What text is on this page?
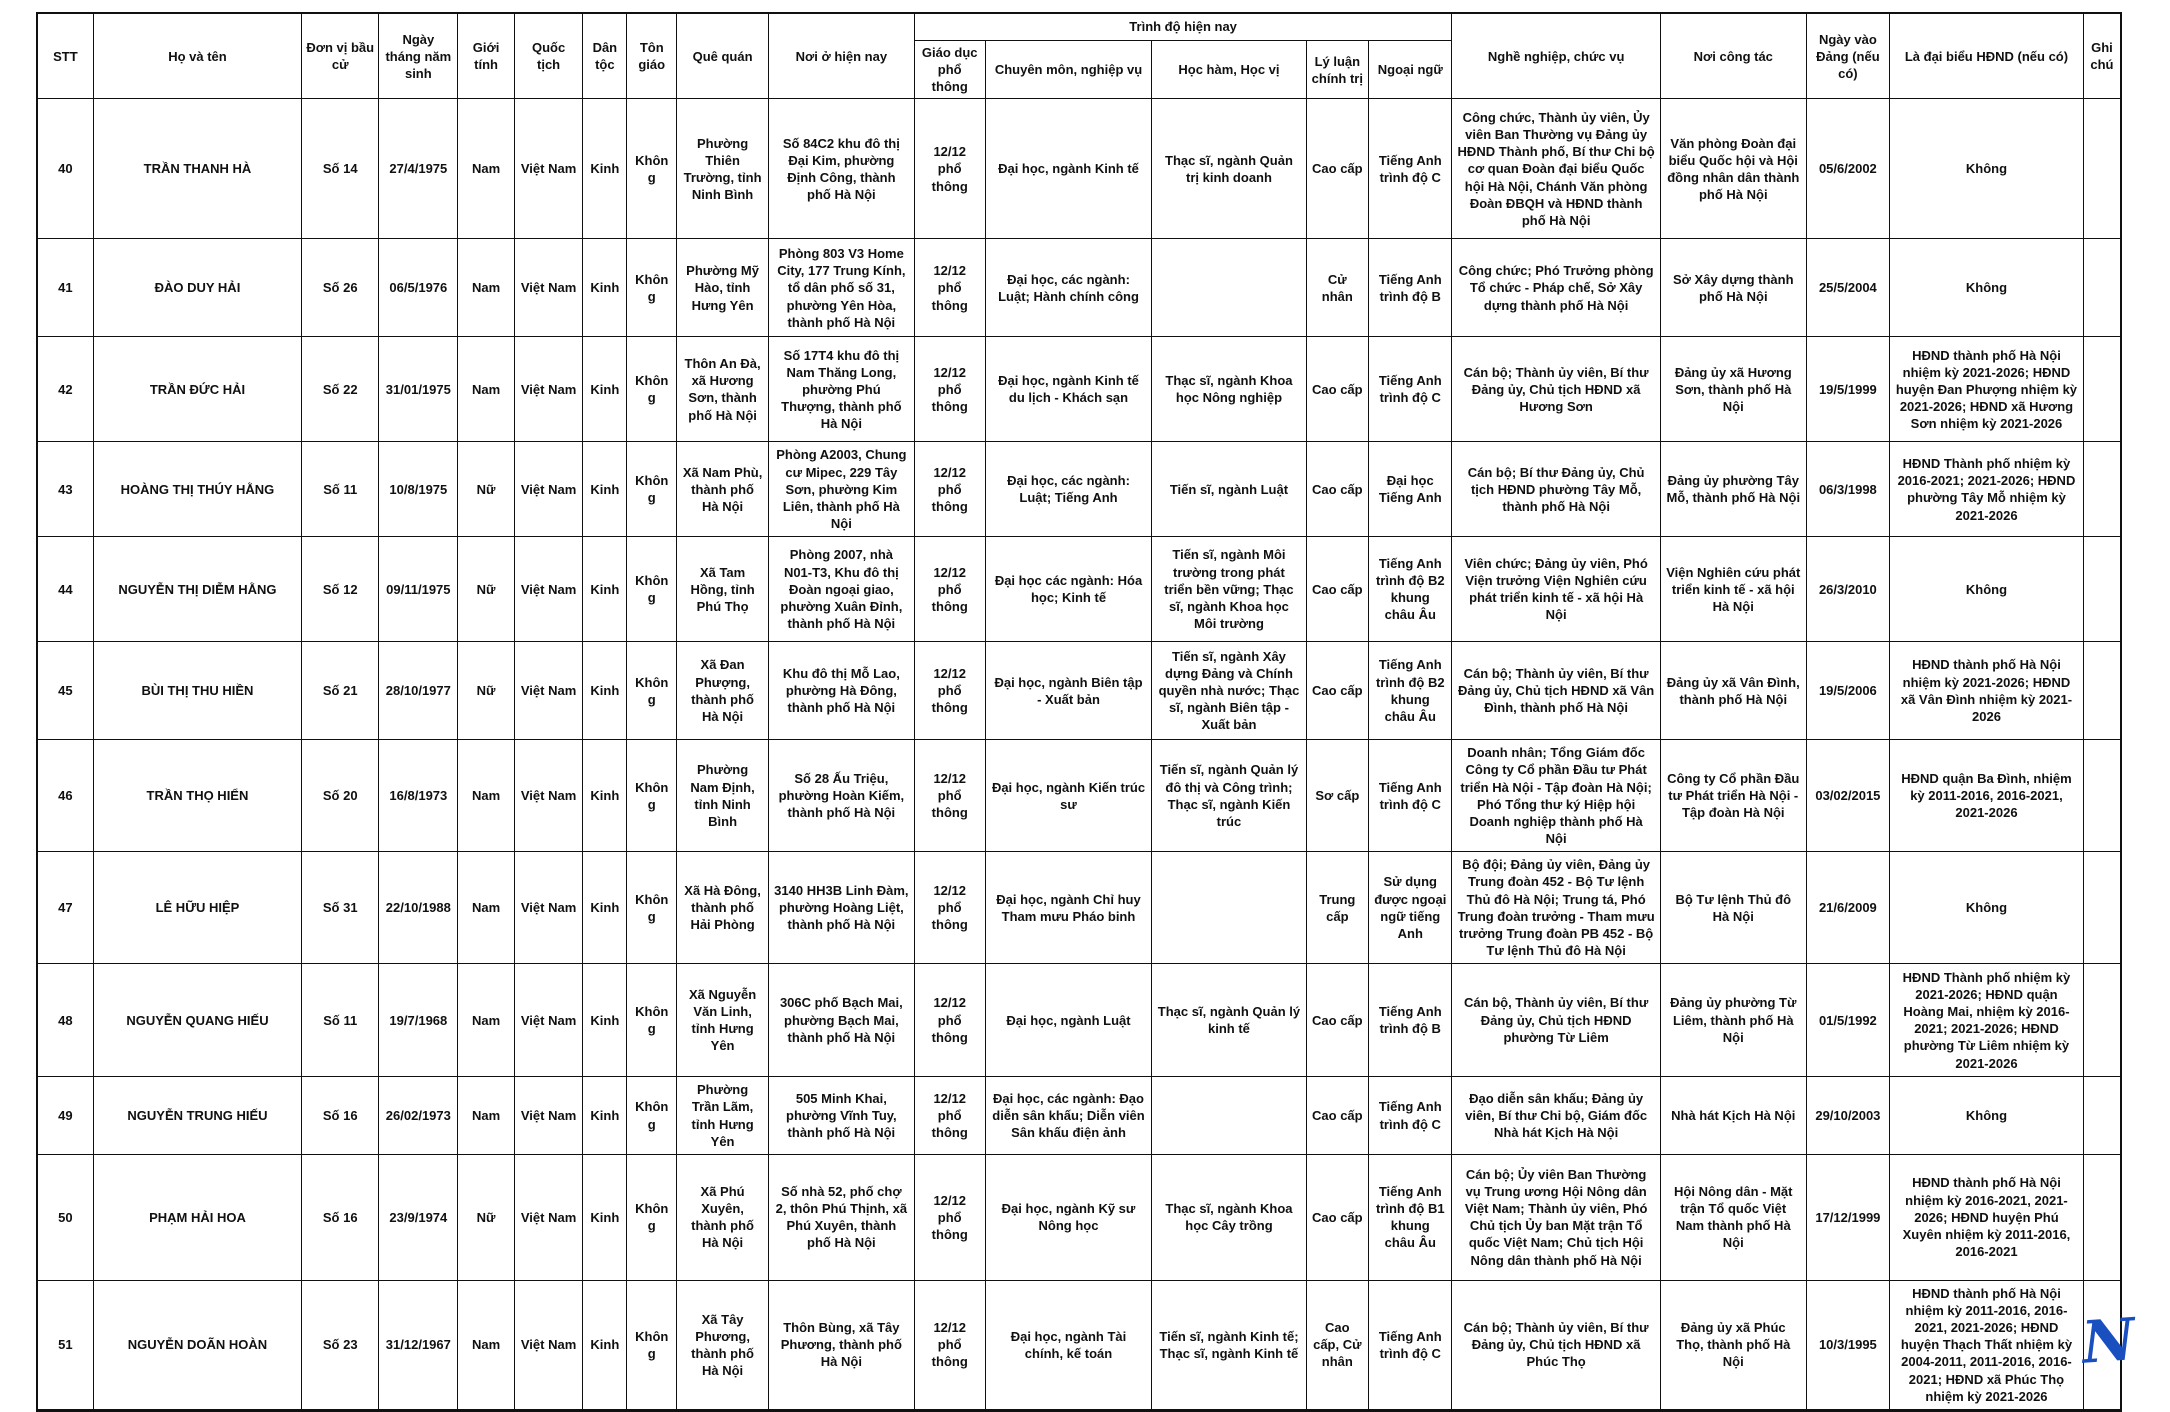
STT	Họ và tên	Đơn vị bầu cử	Ngày tháng năm sinh	Giới tính	Quốc tịch	Dân tộc	Tôn giáo	Quê quán	Nơi ở hiện nay	Trình độ hiện nay					Nghề nghiệp, chức vụ	Nơi công tác	Ngày vào Đảng (nếu có)	Là đại biểu HĐND (nếu có)	Ghi chú
										Giáo dục phổ thông	Chuyên môn, nghiệp vụ	Học hàm, Học vị	Lý luận chính trị	Ngoại ngữ					
40	TRẦN THANH HÀ	Số 14	27/4/1975	Nam	Việt Nam	Kinh	Không	Phường Thiên Trường, tỉnh Ninh Bình	Số 84C2 khu đô thị Đại Kim, phường Định Công, thành phố Hà Nội	12/12 phổ thông	Đại học, ngành Kinh tế	Thạc sĩ, ngành Quản trị kinh doanh	Cao cấp	Tiếng Anh trình độ C	Công chức, Thành ủy viên, Ủy viên Ban Thường vụ Đảng ủy HĐND Thành phố, Bí thư Chi bộ cơ quan Đoàn đại biểu Quốc hội Hà Nội, Chánh Văn phòng Đoàn ĐBQH và HĐND thành phố Hà Nội	Văn phòng Đoàn đại biểu Quốc hội và Hội đồng nhân dân thành phố Hà Nội	05/6/2002	Không	
41	ĐÀO DUY HẢI	Số 26	06/5/1976	Nam	Việt Nam	Kinh	Không	Phường Mỹ Hào, tỉnh Hưng Yên	Phòng 803 V3 Home City, 177 Trung Kính, tổ dân phố số 31, phường Yên Hòa, thành phố Hà Nội	12/12 phổ thông	Đại học, các ngành: Luật; Hành chính công		Cử nhân	Tiếng Anh trình độ B	Công chức; Phó Trưởng phòng Tổ chức - Pháp chế, Sở Xây dựng thành phố Hà Nội	Sở Xây dựng thành phố Hà Nội	25/5/2004	Không	
42	TRẦN ĐỨC HẢI	Số 22	31/01/1975	Nam	Việt Nam	Kinh	Không	Thôn An Đà, xã Hương Sơn, thành phố Hà Nội	Số 17T4 khu đô thị Nam Thăng Long, phường Phú Thượng, thành phố Hà Nội	12/12 phổ thông	Đại học, ngành Kinh tế du lịch - Khách sạn	Thạc sĩ, ngành Khoa học Nông nghiệp	Cao cấp	Tiếng Anh trình độ C	Cán bộ; Thành ủy viên, Bí thư Đảng ủy, Chủ tịch HĐND xã Hương Sơn	Đảng ủy xã Hương Sơn, thành phố Hà Nội	19/5/1999	HĐND thành phố Hà Nội nhiệm kỳ 2021-2026; HĐND huyện Đan Phượng nhiệm kỳ 2021-2026; HĐND xã Hương Sơn nhiệm kỳ 2021-2026	
43	HOÀNG THỊ THÚY HẰNG	Số 11	10/8/1975	Nữ	Việt Nam	Kinh	Không	Xã Nam Phù, thành phố Hà Nội	Phòng A2003, Chung cư Mipec, 229 Tây Sơn, phường Kim Liên, thành phố Hà Nội	12/12 phổ thông	Đại học, các ngành: Luật; Tiếng Anh	Tiến sĩ, ngành Luật	Cao cấp	Đại học Tiếng Anh	Cán bộ; Bí thư Đảng ủy, Chủ tịch HĐND phường Tây Mỗ, thành phố Hà Nội	Đảng ủy phường Tây Mỗ, thành phố Hà Nội	06/3/1998	HĐND Thành phố nhiệm kỳ 2016-2021; 2021-2026; HĐND phường Tây Mỗ nhiệm kỳ 2021-2026	
44	NGUYỄN THỊ DIỄM HẰNG	Số 12	09/11/1975	Nữ	Việt Nam	Kinh	Không	Xã Tam Hồng, tỉnh Phú Thọ	Phòng 2007, nhà N01-T3, Khu đô thị Đoàn ngoại giao, phường Xuân Đỉnh, thành phố Hà Nội	12/12 phổ thông	Đại học các ngành: Hóa học; Kinh tế	Tiến sĩ, ngành Môi trường trong phát triển bền vững; Thạc sĩ, ngành Khoa học Môi trường	Cao cấp	Tiếng Anh trình độ B2 khung châu Âu	Viên chức; Đảng ủy viên, Phó Viện trưởng Viện Nghiên cứu phát triển kinh tế - xã hội Hà Nội	Viện Nghiên cứu phát triển kinh tế - xã hội Hà Nội	26/3/2010	Không	
45	BÙI THỊ THU HIỀN	Số 21	28/10/1977	Nữ	Việt Nam	Kinh	Không	Xã Đan Phượng, thành phố Hà Nội	Khu đô thị Mỗ Lao, phường Hà Đông, thành phố Hà Nội	12/12 phổ thông	Đại học, ngành Biên tập - Xuất bản	Tiến sĩ, ngành Xây dựng Đảng và Chính quyền nhà nước; Thạc sĩ, ngành Biên tập -Xuất bản	Cao cấp	Tiếng Anh trình độ B2 khung châu Âu	Cán bộ; Thành ủy viên, Bí thư Đảng ủy, Chủ tịch HĐND xã Vân Đình, thành phố Hà Nội	Đảng ủy xã Vân Đình, thành phố Hà Nội	19/5/2006	HĐND thành phố Hà Nội nhiệm kỳ 2021-2026; HĐND xã Vân Đình nhiệm kỳ 2021-2026	
46	TRẦN THỌ HIỂN	Số 20	16/8/1973	Nam	Việt Nam	Kinh	Không	Phường Nam Định, tỉnh Ninh Bình	Số 28 Ấu Triệu, phường Hoàn Kiếm, thành phố Hà Nội	12/12 phổ thông	Đại học, ngành Kiến trúc sư	Tiến sĩ, ngành Quản lý đô thị và Công trình; Thạc sĩ, ngành Kiến trúc	Sơ cấp	Tiếng Anh trình độ C	Doanh nhân; Tổng Giám đốc Công ty Cổ phần Đầu tư Phát triển Hà Nội - Tập đoàn Hà Nội; Phó Tổng thư ký Hiệp hội Doanh nghiệp thành phố Hà Nội	Công ty Cổ phần Đầu tư Phát triển Hà Nội - Tập đoàn Hà Nội	03/02/2015	HĐND quận Ba Đình, nhiệm kỳ 2011-2016, 2016-2021, 2021-2026	
47	LÊ HỮU HIỆP	Số 31	22/10/1988	Nam	Việt Nam	Kinh	Không	Xã Hà Đông, thành phố Hải Phòng	3140 HH3B Linh Đàm, phường Hoàng Liệt, thành phố Hà Nội	12/12 phổ thông	Đại học, ngành Chỉ huy Tham mưu Pháo binh		Trung cấp	Sử dụng được ngoại ngữ tiếng Anh	Bộ đội; Đảng ủy viên, Đảng ủy Trung đoàn 452 - Bộ Tư lệnh Thủ đô Hà Nội; Trung tá, Phó Trung đoàn trưởng - Tham mưu trưởng Trung đoàn PB 452 - Bộ Tư lệnh Thủ đô Hà Nội	Bộ Tư lệnh Thủ đô Hà Nội	21/6/2009	Không	
48	NGUYỄN QUANG HIẾU	Số 11	19/7/1968	Nam	Việt Nam	Kinh	Không	Xã Nguyễn Văn Linh, tỉnh Hưng Yên	306C phố Bạch Mai, phường Bạch Mai, thành phố Hà Nội	12/12 phổ thông	Đại học, ngành Luật	Thạc sĩ, ngành Quản lý kinh tế	Cao cấp	Tiếng Anh trình độ B	Cán bộ, Thành ủy viên, Bí thư Đảng ủy, Chủ tịch HĐND phường Từ Liêm	Đảng ủy phường Từ Liêm, thành phố Hà Nội	01/5/1992	HĐND Thành phố nhiệm kỳ 2021-2026; HĐND quận Hoàng Mai, nhiệm kỳ 2016-2021; 2021-2026; HĐND phường Từ Liêm nhiệm kỳ 2021-2026	
49	NGUYỄN TRUNG HIẾU	Số 16	26/02/1973	Nam	Việt Nam	Kinh	Không	Phường Trần Lãm, tỉnh Hưng Yên	505 Minh Khai, phường Vĩnh Tuy, thành phố Hà Nội	12/12 phổ thông	Đại học, các ngành: Đạo diễn sân khấu; Diễn viên Sân khấu điện ảnh		Cao cấp	Tiếng Anh trình độ C	Đạo diễn sân khấu; Đảng ủy viên, Bí thư Chi bộ, Giám đốc Nhà hát Kịch Hà Nội	Nhà hát Kịch Hà Nội	29/10/2003	Không	
50	PHẠM HẢI HOA	Số 16	23/9/1974	Nữ	Việt Nam	Kinh	Không	Xã Phú Xuyên, thành phố Hà Nội	Số nhà 52, phố chợ 2, thôn Phú Thịnh, xã Phú Xuyên, thành phố Hà Nội	12/12 phổ thông	Đại học, ngành Kỹ sư Nông học	Thạc sĩ, ngành Khoa học Cây trồng	Cao cấp	Tiếng Anh trình độ B1 khung châu Âu	Cán bộ; Ủy viên Ban Thường vụ Trung ương Hội Nông dân Việt Nam; Thành ủy viên, Phó Chủ tịch Ủy ban Mặt trận Tổ quốc Việt Nam; Chủ tịch Hội Nông dân thành phố Hà Nội	Hội Nông dân - Mặt trận Tổ quốc Việt Nam thành phố Hà Nội	17/12/1999	HĐND thành phố Hà Nội nhiệm kỳ 2016-2021, 2021-2026; HĐND huyện Phú Xuyên nhiệm kỳ 2011-2016, 2016-2021	
51	NGUYỄN DOÃN HOÀN	Số 23	31/12/1967	Nam	Việt Nam	Kinh	Không	Xã Tây Phương, thành phố Hà Nội	Thôn Bùng, xã Tây Phương, thành phố Hà Nội	12/12 phổ thông	Đại học, ngành Tài chính, kế toán	Tiến sĩ, ngành Kinh tế; Thạc sĩ, ngành Kinh tế	Cao cấp, Cử nhân	Tiếng Anh trình độ C	Cán bộ; Thành ủy viên, Bí thư Đảng ủy, Chủ tịch HĐND xã Phúc Thọ	Đảng ủy xã Phúc Thọ, thành phố Hà Nội	10/3/1995	HĐND thành phố Hà Nội nhiệm kỳ 2011-2016, 2016-2021, 2021-2026; HĐND huyện Thạch Thất nhiệm kỳ 2004-2011, 2011-2016, 2016-2021; HĐND xã Phúc Thọ nhiệm kỳ 2021-2026	
N
